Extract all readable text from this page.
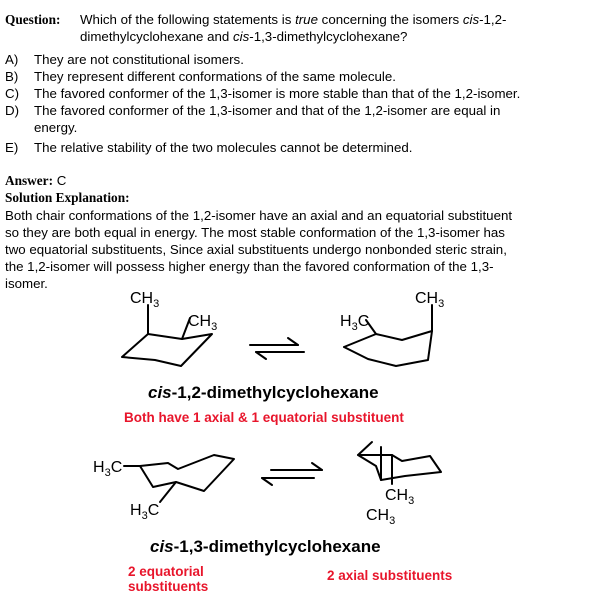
Question: Which of the following statements is true concerning the isomers cis-1,2-
dimethylcyclohexane and cis-1,3-dimethylcyclohexane?
A) They are not constitutional isomers.
B) They represent different conformations of the same molecule.
C) The favored conformer of the 1,3-isomer is more stable than that of the 1,2-isomer.
D) The favored conformer of the 1,3-isomer and that of the 1,2-isomer are equal in
energy.
E) The relative stability of the two molecules cannot be determined.
Answer: C
Solution Explanation:
Both chair conformations of the 1,2-isomer have an axial and an equatorial substituent
so they are both equal in energy. The most stable conformation of the 1,3-isomer has
two equatorial substituents, Since axial substituents undergo nonbonded steric strain,
the 1,2-isomer will possess higher energy than the favored conformation of the 1,3-
isomer.
$CH_3$
$CH_3$	$H_3C$
$CH_3$
$H_3C$
$H_3C$
$CH_3$
$CH_3$
cis-1,2-dimethylcyclohexane
Both have 1 axial & 1 equatorial substituent
cis-1,3-dimethylcyclohexane
2 equatorial
substituents
2 axial substituents
